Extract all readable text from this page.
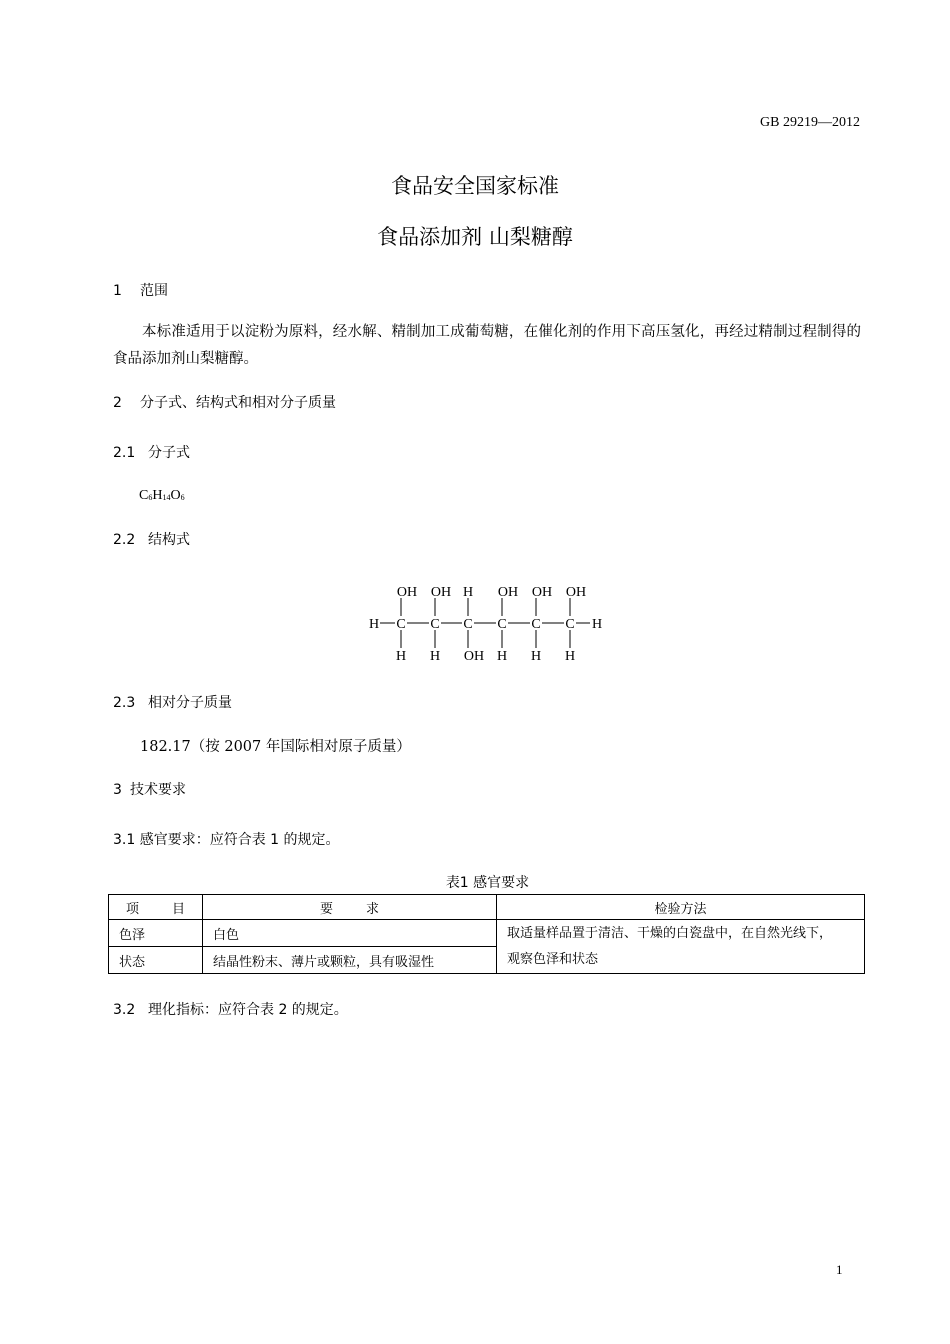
GB 29219—2012
食品安全国家标准
食品添加剂 山梨糖醇
1 范围
本标准适用于以淀粉为原料，经水解、精制加工成葡萄糖，在催化剂的作用下高压氢化，再经过精制过程制得的食品添加剂山梨糖醇。
2 分子式、结构式和相对分子质量
2.1 分子式
$C_6H_{14}O_6$
2.2 结构式
OH OH H OH OH OH
H C C C C C C H
H H OH H H H
2.3 相对分子质量
182.17（按 2007 年国际相对原子质量）
3 技术要求
3.1 感官要求：应符合表 1 的规定。
表1 感官要求
项        目	要        求	检验方法
色泽	白色	取适量样品置于清洁、干燥的白瓷盘中，在自然光线下，
观察色泽和状态

状态	结晶性粉末、薄片或颗粒，具有吸湿性	
3.2 理化指标：应符合表 2 的规定。
1
